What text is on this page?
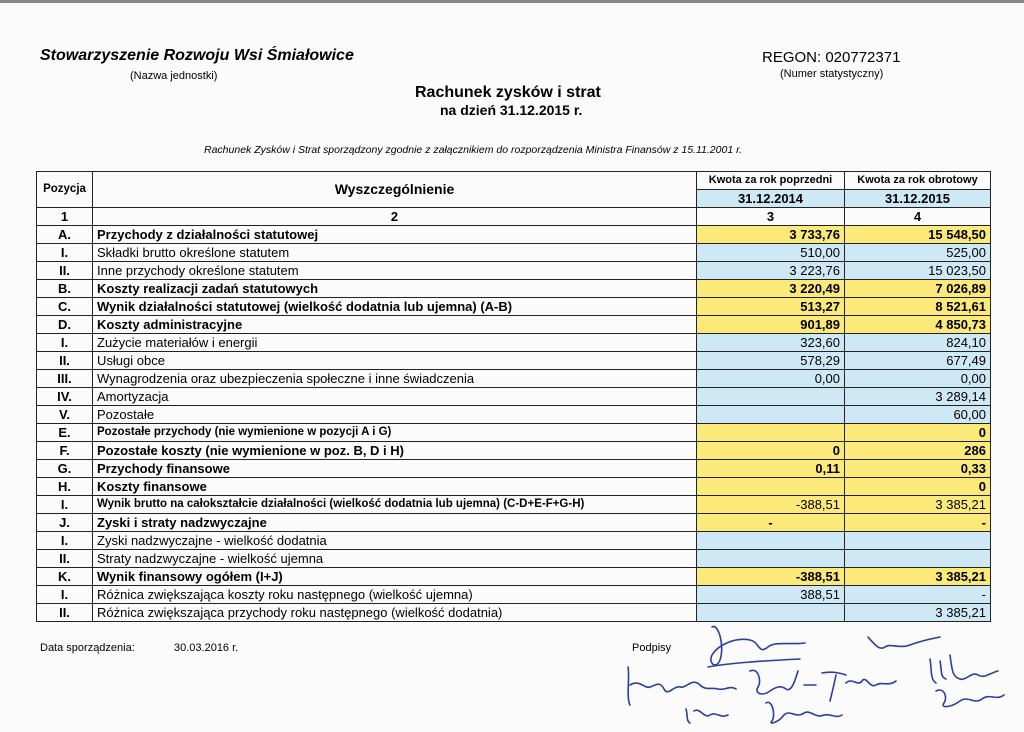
Stowarzyszenie Rozwoju Wsi Śmiałowice
(Nazwa jednostki)
REGON: 020772371
(Numer statystyczny)
Rachunek zysków i strat
na dzień 31.12.2015 r.
Rachunek Zysków i Strat sporządzony zgodnie z załącznikiem do rozporządzenia Ministra Finansów z 15.11.2001 r.
Pozycja	Wyszczególnienie	Kwota za rok poprzedni	Kwota za rok obrotowy
		31.12.2014	31.12.2015
1	2	3	4
A.	Przychody z działalności statutowej	3 733,76	15 548,50
I.	Składki brutto określone statutem	510,00	525,00
II.	Inne przychody określone statutem	3 223,76	15 023,50
B.	Koszty realizacji zadań statutowych	3 220,49	7 026,89
C.	Wynik działalności statutowej (wielkość dodatnia lub ujemna) (A-B)	513,27	8 521,61
D.	Koszty administracyjne	901,89	4 850,73
I.	Zużycie materiałów i energii	323,60	824,10
II.	Usługi obce	578,29	677,49
III.	Wynagrodzenia oraz ubezpieczenia społeczne i inne świadczenia	0,00	0,00
IV.	Amortyzacja		3 289,14
V.	Pozostałe		60,00
E.	Pozostałe przychody (nie wymienione w pozycji A i G)		0
F.	Pozostałe koszty (nie wymienione w poz. B, D i H)	0	286
G.	Przychody finansowe	0,11	0,33
H.	Koszty finansowe		0
I.	Wynik brutto na całokształcie działalności (wielkość dodatnia lub ujemna) (C-D+E-F+G-H)	-388,51	3 385,21
J.	Zyski i straty nadzwyczajne	-	-
I.	Zyski nadzwyczajne - wielkość dodatnia		
II.	Straty nadzwyczajne - wielkość ujemna		
K.	Wynik finansowy ogółem (I+J)	-388,51	3 385,21
I.	Różnica zwiększająca koszty roku następnego (wielkość ujemna)	388,51	-
II.	Różnica zwiększająca przychody roku następnego (wielkość dodatnia)		3 385,21
Data sporządzenia:	30.03.2016 r.	Podpisy
